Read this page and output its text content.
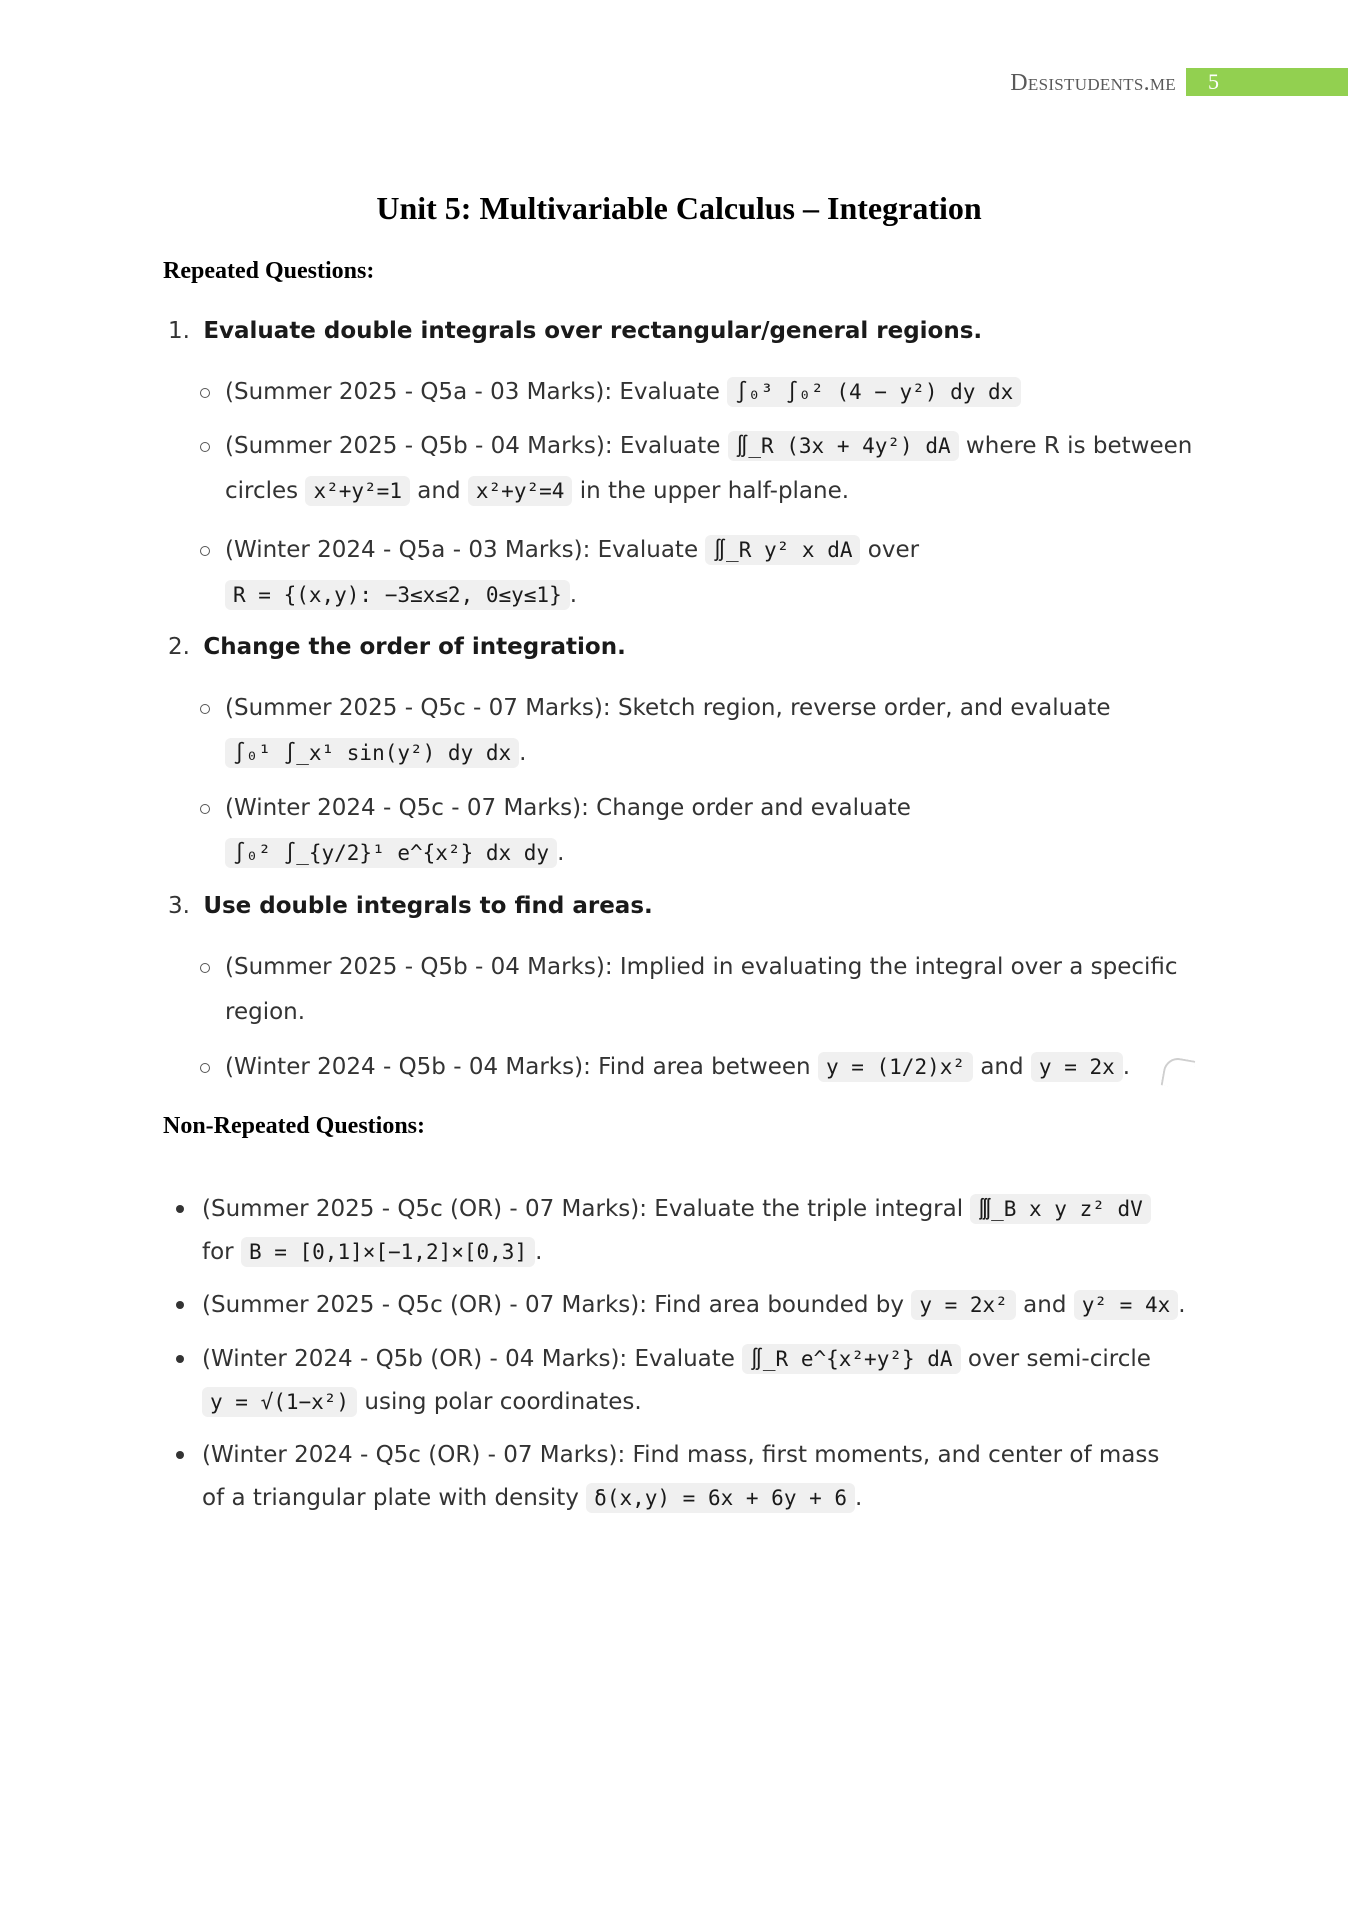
Desistudents.me	5
Unit 5: Multivariable Calculus – Integration
Repeated Questions:
1. Evaluate double integrals over rectangular/general regions.
(Summer 2025 - Q5a - 03 Marks): Evaluate ∫₀³ ∫₀² (4 − y²) dy dx
(Summer 2025 - Q5b - 04 Marks): Evaluate ∬_R (3x + 4y²) dA where R is between circles x²+y²=1 and x²+y²=4 in the upper half-plane.
(Winter 2024 - Q5a - 03 Marks): Evaluate ∬_R y² x dA over R = {(x,y): −3≤x≤2, 0≤y≤1} .
2. Change the order of integration.
(Summer 2025 - Q5c - 07 Marks): Sketch region, reverse order, and evaluate ∫₀¹ ∫_x¹ sin(y²) dy dx .
(Winter 2024 - Q5c - 07 Marks): Change order and evaluate ∫₀² ∫_{y/2}¹ e^{x²} dx dy .
3. Use double integrals to find areas.
(Summer 2025 - Q5b - 04 Marks): Implied in evaluating the integral over a specific region.
(Winter 2024 - Q5b - 04 Marks): Find area between y = (1/2)x² and y = 2x .
Non-Repeated Questions:
(Summer 2025 - Q5c (OR) - 07 Marks): Evaluate the triple integral ∭_B x y z² dV for B = [0,1]×[−1,2]×[0,3] .
(Summer 2025 - Q5c (OR) - 07 Marks): Find area bounded by y = 2x² and y² = 4x .
(Winter 2024 - Q5b (OR) - 04 Marks): Evaluate ∬_R e^{x²+y²} dA over semi-circle y = √(1−x²) using polar coordinates.
(Winter 2024 - Q5c (OR) - 07 Marks): Find mass, first moments, and center of mass of a triangular plate with density δ(x,y) = 6x + 6y + 6 .
